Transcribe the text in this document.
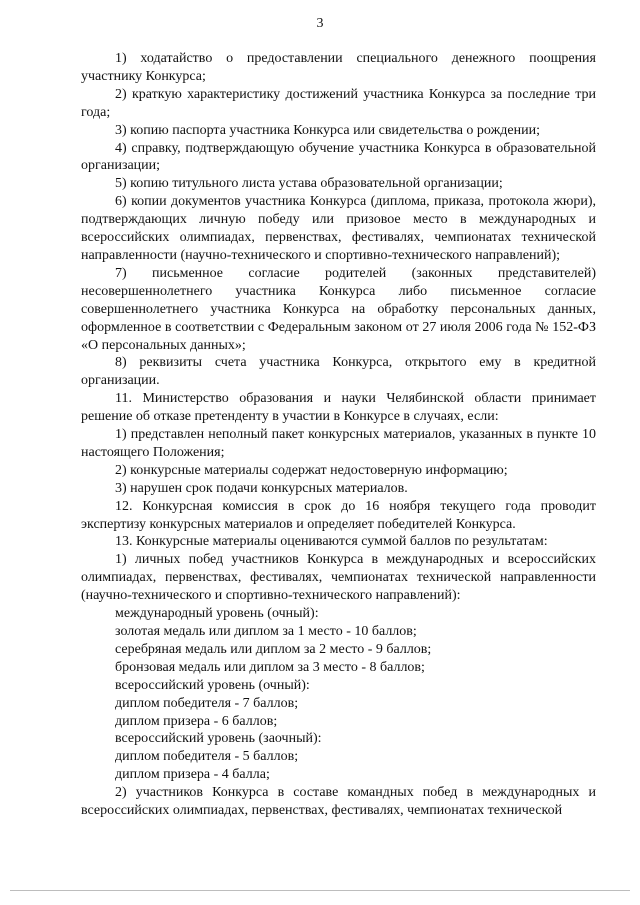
3

1) ходатайство о предоставлении специального денежного поощрения участнику Конкурса;

2) краткую характеристику достижений участника Конкурса за последние три года;

3) копию паспорта участника Конкурса или свидетельства о рождении;

4) справку, подтверждающую обучение участника Конкурса в образовательной организации;

5) копию титульного листа устава образовательной организации;

6) копии документов участника Конкурса (диплома, приказа, протокола жюри), подтверждающих личную победу или призовое место в международных и всероссийских олимпиадах, первенствах, фестивалях, чемпионатах технической направленности (научно-технического и спортивно-технического направлений);

7) письменное согласие родителей (законных представителей) несовершеннолетнего участника Конкурса либо письменное согласие совершеннолетнего участника Конкурса на обработку персональных данных, оформленное в соответствии с Федеральным законом от 27 июля 2006 года № 152-ФЗ «О персональных данных»;

8) реквизиты счета участника Конкурса, открытого ему в кредитной организации.

11. Министерство образования и науки Челябинской области принимает решение об отказе претенденту в участии в Конкурсе в случаях, если:

1) представлен неполный пакет конкурсных материалов, указанных в пункте 10 настоящего Положения;

2) конкурсные материалы содержат недостоверную информацию;

3) нарушен срок подачи конкурсных материалов.

12. Конкурсная комиссия в срок до 16 ноября текущего года проводит экспертизу конкурсных материалов и определяет победителей Конкурса.

13. Конкурсные материалы оцениваются суммой баллов по результатам:

1) личных побед участников Конкурса в международных и всероссийских олимпиадах, первенствах, фестивалях, чемпионатах технической направленности (научно-технического и спортивно-технического направлений):

международный уровень (очный):

золотая медаль или диплом за 1 место - 10 баллов;

серебряная медаль или диплом за 2 место - 9 баллов;

бронзовая медаль или диплом за 3 место - 8 баллов;

всероссийский уровень (очный):

диплом победителя - 7 баллов;

диплом призера - 6 баллов;

всероссийский уровень (заочный):

диплом победителя - 5 баллов;

диплом призера - 4 балла;

2) участников Конкурса в составе командных побед в международных и всероссийских олимпиадах, первенствах, фестивалях, чемпионатах технической
